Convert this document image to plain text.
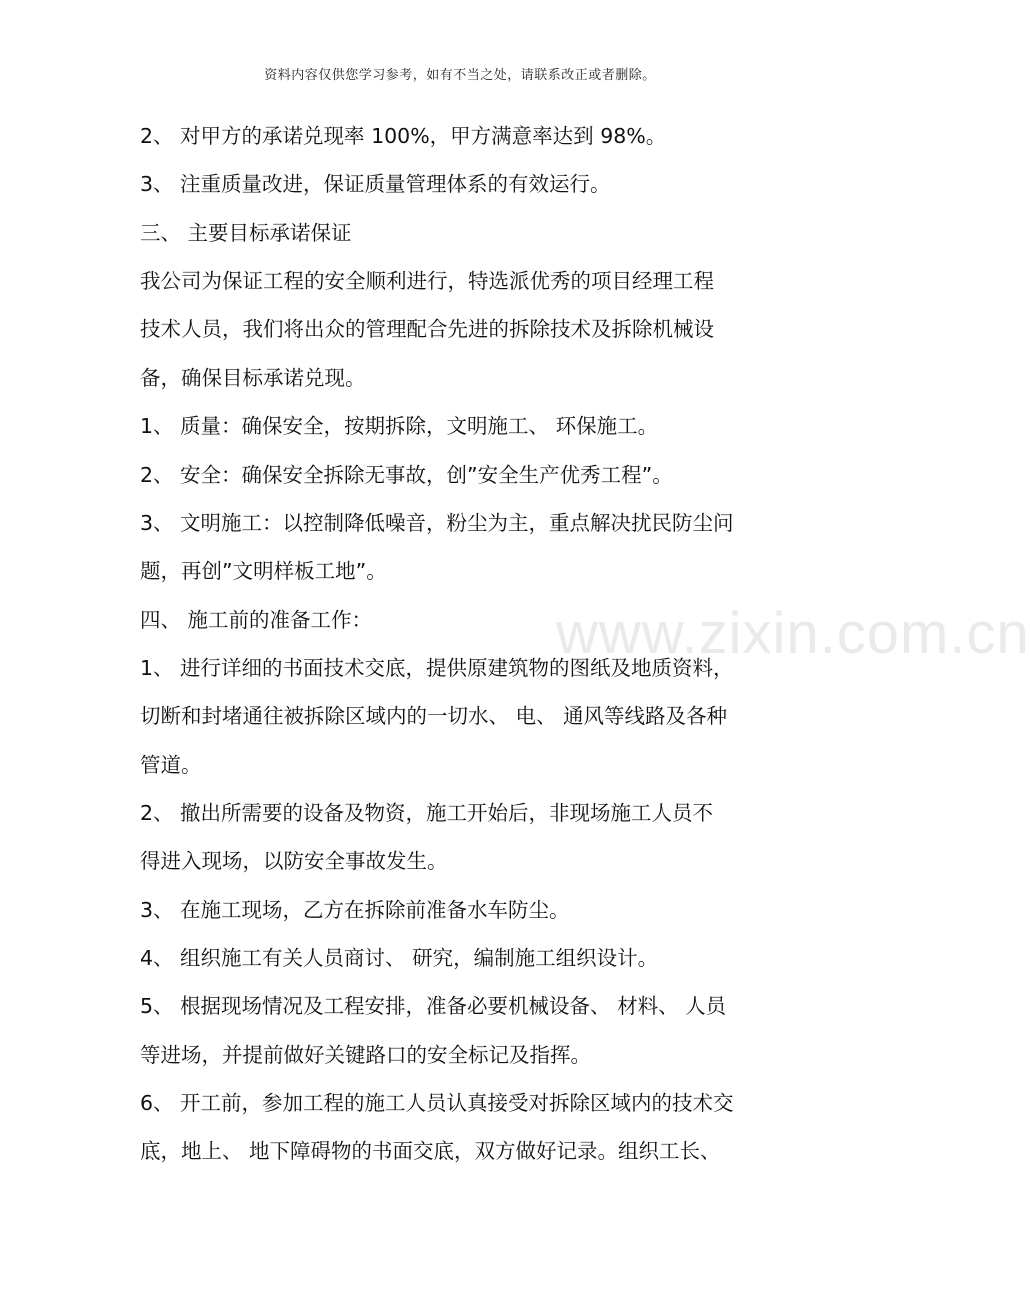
资料内容仅供您学习参考，如有不当之处，请联系改正或者删除。
www.zixin.com.cn
2、 对甲方的承诺兑现率 100%，甲方满意率达到 98%。
3、 注重质量改进，保证质量管理体系的有效运行。
三、 主要目标承诺保证
我公司为保证工程的安全顺利进行，特选派优秀的项目经理工程
技术人员，我们将出众的管理配合先进的拆除技术及拆除机械设
备，确保目标承诺兑现。
1、 质量：确保安全，按期拆除，文明施工、 环保施工。
2、 安全：确保安全拆除无事故，创”安全生产优秀工程”。
3、 文明施工：以控制降低噪音，粉尘为主，重点解决扰民防尘问
题，再创”文明样板工地”。
四、 施工前的准备工作：
1、 进行详细的书面技术交底，提供原建筑物的图纸及地质资料，
切断和封堵通往被拆除区域内的一切水、 电、 通风等线路及各种
管道。
2、 撤出所需要的设备及物资，施工开始后，非现场施工人员不
得进入现场，以防安全事故发生。
3、 在施工现场，乙方在拆除前准备水车防尘。
4、 组织施工有关人员商讨、 研究，编制施工组织设计。
5、 根据现场情况及工程安排，准备必要机械设备、 材料、 人员
等进场，并提前做好关键路口的安全标记及指挥。
6、 开工前，参加工程的施工人员认真接受对拆除区域内的技术交
底，地上、 地下障碍物的书面交底，双方做好记录。组织工长、
